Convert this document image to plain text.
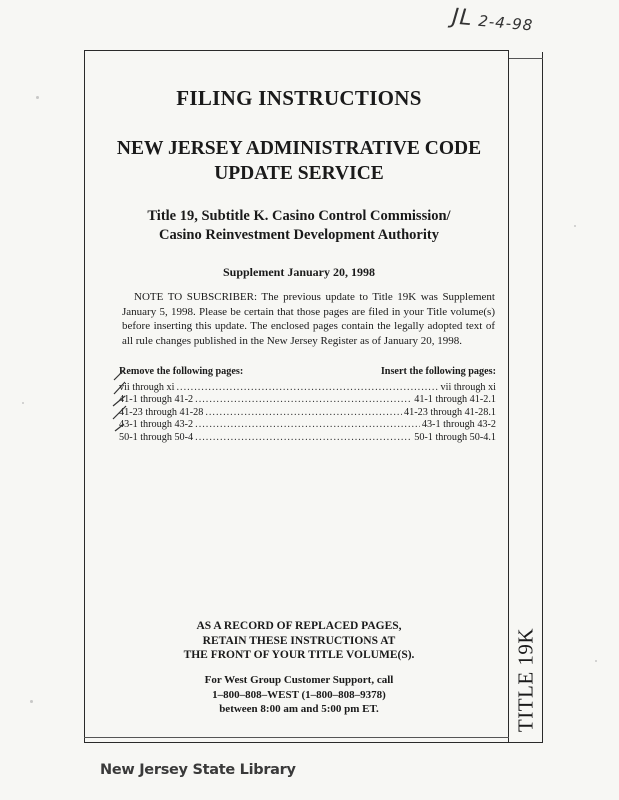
JL 2-4-98
TITLE 19K
FILING INSTRUCTIONS
NEW JERSEY ADMINISTRATIVE CODE
UPDATE SERVICE
Title 19, Subtitle K. Casino Control Commission/
Casino Reinvestment Development Authority
Supplement January 20, 1998
NOTE TO SUBSCRIBER: The previous update to Title 19K was Supplement January 5, 1998. Please be certain that those pages are filed in your Title volume(s) before inserting this update. The enclosed pages contain the legally adopted text of all rule changes published in the New Jersey Register as of January 20, 1998.
Remove the following pages:	Insert the following pages:
vii through xi .....	vii through xi
41-1 through 41-2 .....	41-1 through 41-2.1
41-23 through 41-28 .....	41-23 through 41-28.1
43-1 through 43-2 .....	43-1 through 43-2
50-1 through 50-4 .....	50-1 through 50-4.1
AS A RECORD OF REPLACED PAGES,
RETAIN THESE INSTRUCTIONS AT
THE FRONT OF YOUR TITLE VOLUME(S).
For West Group Customer Support, call
1–800–808–WEST (1–800–808–9378)
between 8:00 am and 5:00 pm ET.
New Jersey State Library
